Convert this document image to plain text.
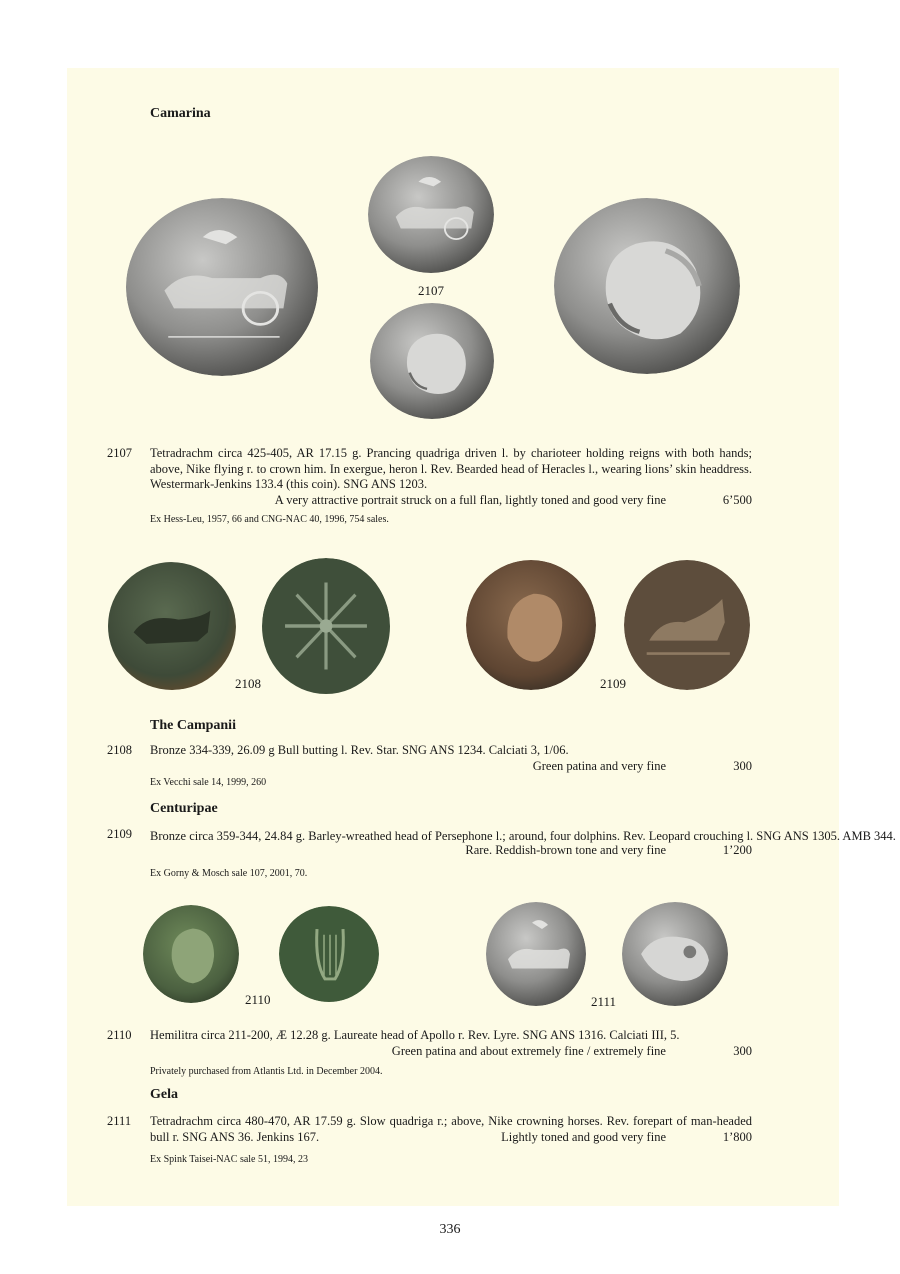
Camarina
2107
2107 Tetradrachm circa 425-405, AR 17.15 g. Prancing quadriga driven l. by charioteer holding reigns with both hands; above, Nike flying r. to crown him. In exergue, heron l. Rev. Bearded head of Heracles l., wearing lions’ skin headdress. Westermark-Jenkins 133.4 (this coin). SNG ANS 1203.
A very attractive portrait struck on a full flan, lightly toned and good very fine	6’500
Ex Hess-Leu, 1957, 66 and CNG-NAC 40, 1996, 754 sales.
2108	2109
The Campanii
2108 Bronze 334-339, 26.09 g Bull butting l. Rev. Star. SNG ANS 1234. Calciati 3, 1/06.
Green patina and very fine	300
Ex Vecchi sale 14, 1999, 260
Centuripae
2109 Bronze circa 359-344, 24.84 g. Barley-wreathed head of Persephone l.; around, four dolphins. Rev. Leopard crouching l. SNG ANS 1305. AMB 344.
Rare. Reddish-brown tone and very fine	1’200
Ex Gorny & Mosch sale 107, 2001, 70.
2110	2111
2110 Hemilitra circa 211-200, Æ 12.28 g. Laureate head of Apollo r. Rev. Lyre. SNG ANS 1316. Calciati III, 5.
Green patina and about extremely fine / extremely fine	300
Privately purchased from Atlantis Ltd. in December 2004.
Gela
2111 Tetradrachm circa 480-470, AR 17.59 g. Slow quadriga r.; above, Nike crowning horses. Rev. forepart of man-headed bull r. SNG ANS 36. Jenkins 167.	Lightly toned and good very fine	1’800
Ex Spink Taisei-NAC sale 51, 1994, 23
336
